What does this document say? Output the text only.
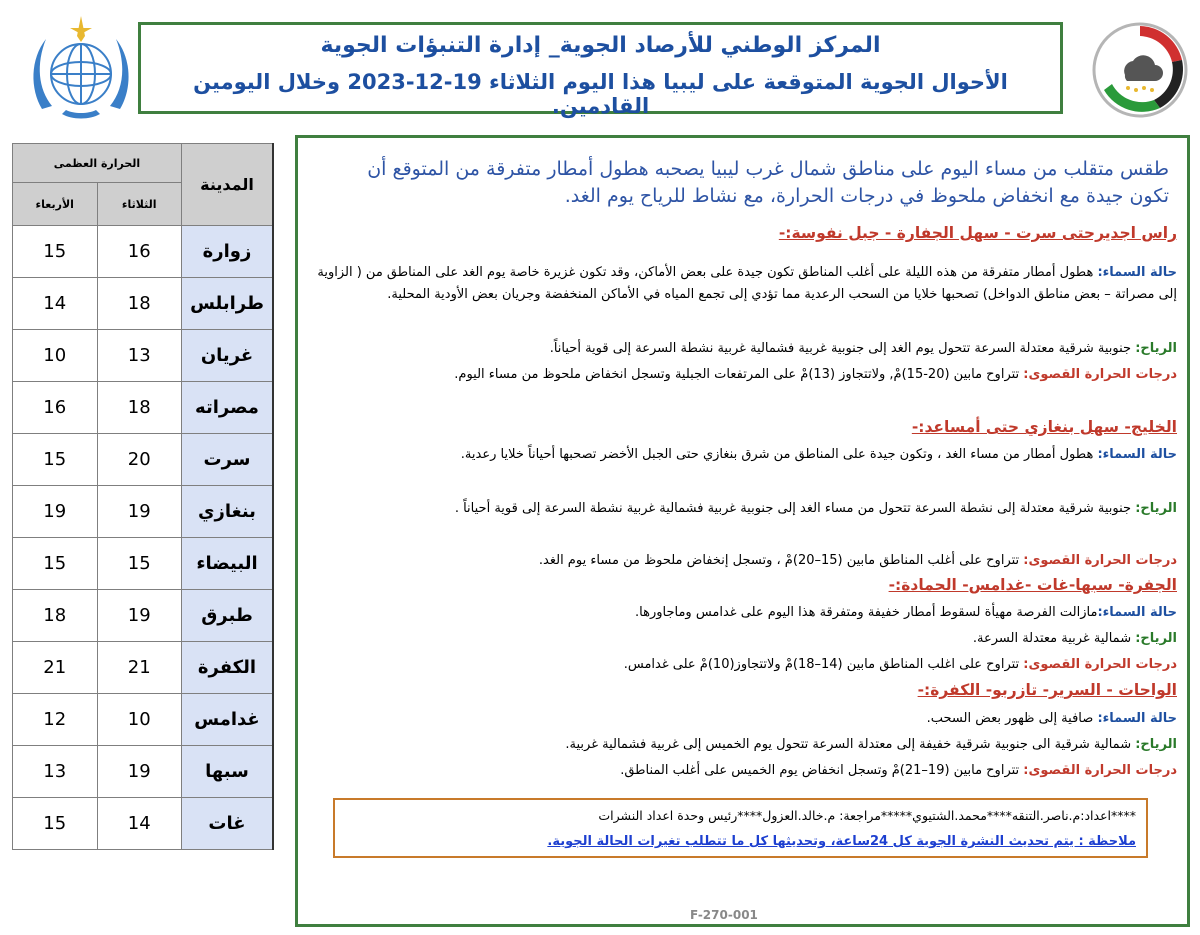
المركز الوطني للأرصاد الجوية_ إدارة التنبؤات الجوية
الأحوال الجوية المتوقعة على ليبيا هذا اليوم الثلاثاء 19-12-2023 وخلال اليومين القادمين.
المدينة	الحرارة العظمى	
	الثلاثاء	الأربعاء
زوارة	16	15
طرابلس	18	14
غريان	13	10
مصراته	18	16
سرت	20	15
بنغازي	19	19
البيضاء	15	15
طبرق	19	18
الكفرة	21	21
غدامس	10	12
سبها	19	13
غات	14	15

طقس متقلب من مساء اليوم على مناطق شمال غرب ليبيا يصحبه هطول أمطار متفرقة من المتوقع أن تكون جيدة مع انخفاض ملحوظ في درجات الحرارة، مع نشاط للرياح يوم الغد.

راس اجديرحتى سرت - سهل الجفارة - جبل نفوسة:-

حالة السماء: هطول أمطار متفرقة من هذه الليلة على أغلب المناطق تكون جيدة على بعض الأماكن، وقد تكون غزيرة خاصة يوم الغد على المناطق من ( الزاوية إلى مصراتة – بعض مناطق الدواخل) تصحبها خلايا من السحب الرعدية مما تؤدي إلى تجمع المياه في الأماكن المنخفضة وجريان بعض الأودية المحلية.

الرياح: جنوبية شرقية معتدلة السرعة تتحول يوم الغد إلى جنوبية غربية فشمالية غربية نشطة السرعة إلى قوية أحياناً.

درجات الحرارة القصوى: تتراوح مابين (20-15)مْ, ولاتتجاوز (13)مْ على المرتفعات الجبلية وتسجل انخفاض ملحوظ من مساء اليوم.

الخليج- سهل بنغازي حتى أمساعد:-

حالة السماء: هطول أمطار من مساء الغد ، وتكون جيدة على المناطق من شرق بنغازي حتى الجبل الأخضر تصحبها أحياناً خلايا رعدية.

الرياح: جنوبية شرقية معتدلة إلى نشطة السرعة تتحول من مساء الغد إلى جنوبية غربية فشمالية غربية نشطة السرعة إلى قوية أحياناً .

درجات الحرارة القصوى: تتراوح على أغلب المناطق مابين (15–20)مْ ، وتسجل إنخفاض ملحوظ من مساء يوم الغد.

الجفرة- سبها-غات -غدامس- الحمادة:-

حالة السماء:مازالت الفرصة مهيأة لسقوط أمطار خفيفة ومتفرقة هذا اليوم على غدامس وماجاورها.

الرياح: شمالية غربية معتدلة السرعة.

درجات الحرارة القصوى: تتراوح على اغلب المناطق مابين (14–18)مْ ولاتتجاوز(10)مْ على غدامس.

الواحات - السرير- تازربو- الكفرة:-

حالة السماء: صافية إلى ظهور بعض السحب.

الرياح: شمالية شرقية الى جنوبية شرقية خفيفة إلى معتدلة السرعة تتحول يوم الخميس إلى غربية فشمالية غربية.

درجات الحرارة القصوى: تتراوح مابين (19–21)مْ وتسجل انخفاض يوم الخميس على أغلب المناطق.

****اعداد:م.ناصر.التنقه****محمد.الشتيوي*****مراجعة: م.خالد.العزول****رئيس وحدة اعداد النشرات
ملاحظة : يتم تحديث النشرة الجوية كل 24ساعة، وتحديثها كل ما تتطلب تغيرات الحالة الجوية.
F-270-001
